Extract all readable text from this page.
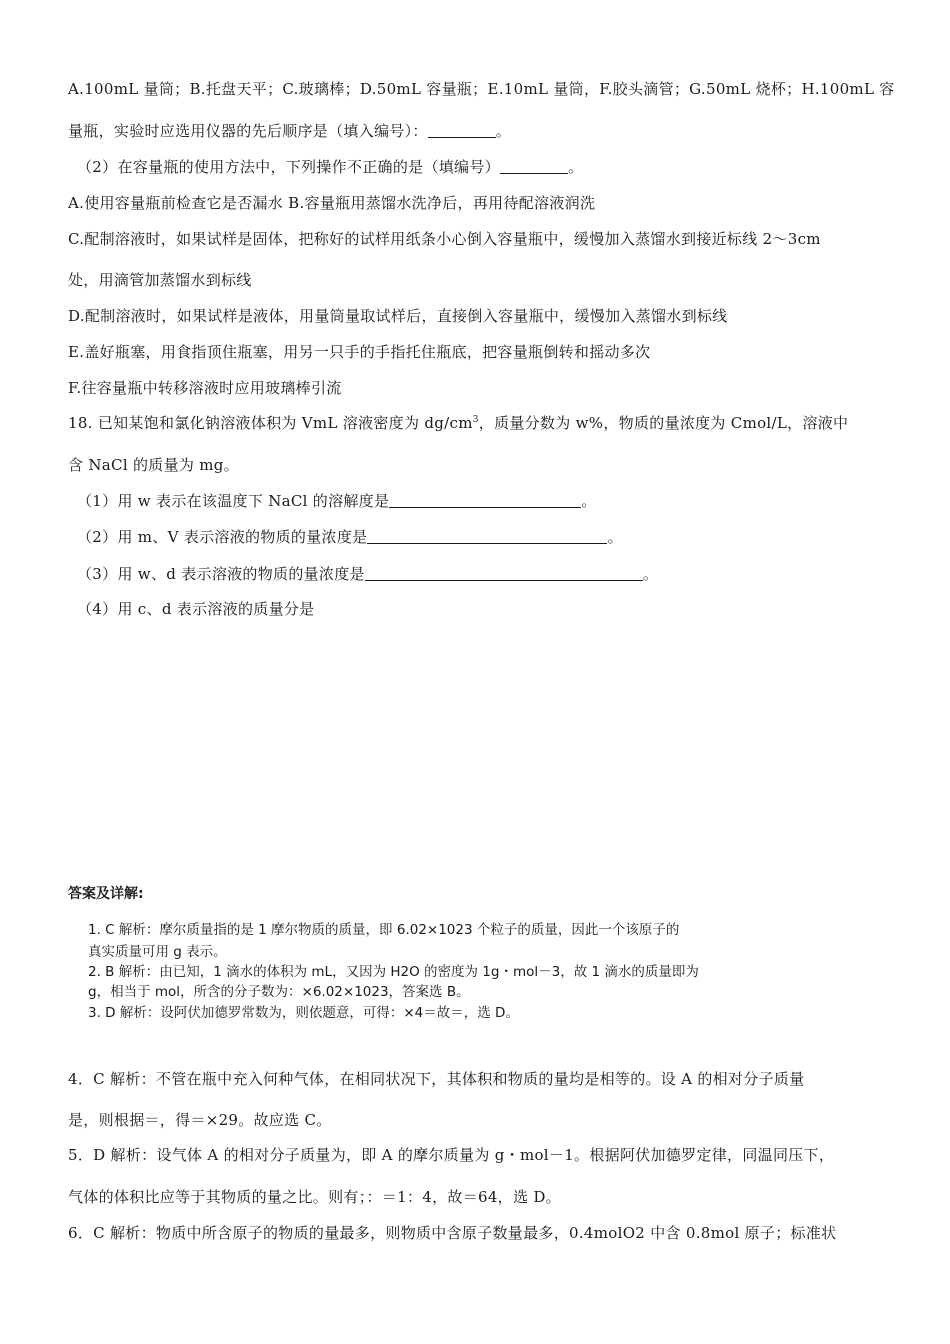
A.100mL 量筒；B.托盘天平；C.玻璃棒；D.50mL 容量瓶；E.10mL 量筒，F.胶头滴管；G.50mL 烧杯；H.100mL 容
量瓶，实验时应选用仪器的先后顺序是（填入编号）：	。
（2）在容量瓶的使用方法中，下列操作不正确的是（填编号）	。
A.使用容量瓶前检查它是否漏水 B.容量瓶用蒸馏水洗净后，再用待配溶液润洗
C.配制溶液时，如果试样是固体，把称好的试样用纸条小心倒入容量瓶中，缓慢加入蒸馏水到接近标线 2～3cm
处，用滴管加蒸馏水到标线
D.配制溶液时，如果试样是液体，用量筒量取试样后，直接倒入容量瓶中，缓慢加入蒸馏水到标线
E.盖好瓶塞，用食指顶住瓶塞，用另一只手的手指托住瓶底，把容量瓶倒转和摇动多次
F.往容量瓶中转移溶液时应用玻璃棒引流
18. 已知某饱和氯化钠溶液体积为 VmL 溶液密度为 $dg/cm^3$，质量分数为 w%，物质的量浓度为 Cmol/L，溶液中
含 NaCl 的质量为 mg。
（1）用 w 表示在该温度下 NaCl 的溶解度是	。
（2）用 m、V 表示溶液的物质的量浓度是	。
（3）用 w、d 表示溶液的物质的量浓度是	。
（4）用 c、d 表示溶液的质量分是
答案及详解:
1. C 解析：摩尔质量指的是 1 摩尔物质的质量，即 6.02×1023 个粒子的质量，因此一个该原子的
真实质量可用 g 表示。
2. B 解析：由已知，1 滴水的体积为 mL，又因为 H2O 的密度为 1g・mol－3，故 1 滴水的质量即为
g，相当于 mol，所含的分子数为：×6.02×1023，答案选 B。
3. D 解析：设阿伏加德罗常数为，则依题意，可得：×4＝故＝，选 D。
4．C 解析：不管在瓶中充入何种气体，在相同状况下，其体积和物质的量均是相等的。设 A 的相对分子质量
是，则根据＝，得＝×29。故应选 C。
5．D 解析：设气体 A 的相对分子质量为，即 A 的摩尔质量为 g・mol－1。根据阿伏加德罗定律，同温同压下，
气体的体积比应等于其物质的量之比。则有；：＝1：4，故＝64，选 D。
6．C 解析：物质中所含原子的物质的量最多，则物质中含原子数量最多，0.4molO2 中含 0.8mol 原子；标准状
